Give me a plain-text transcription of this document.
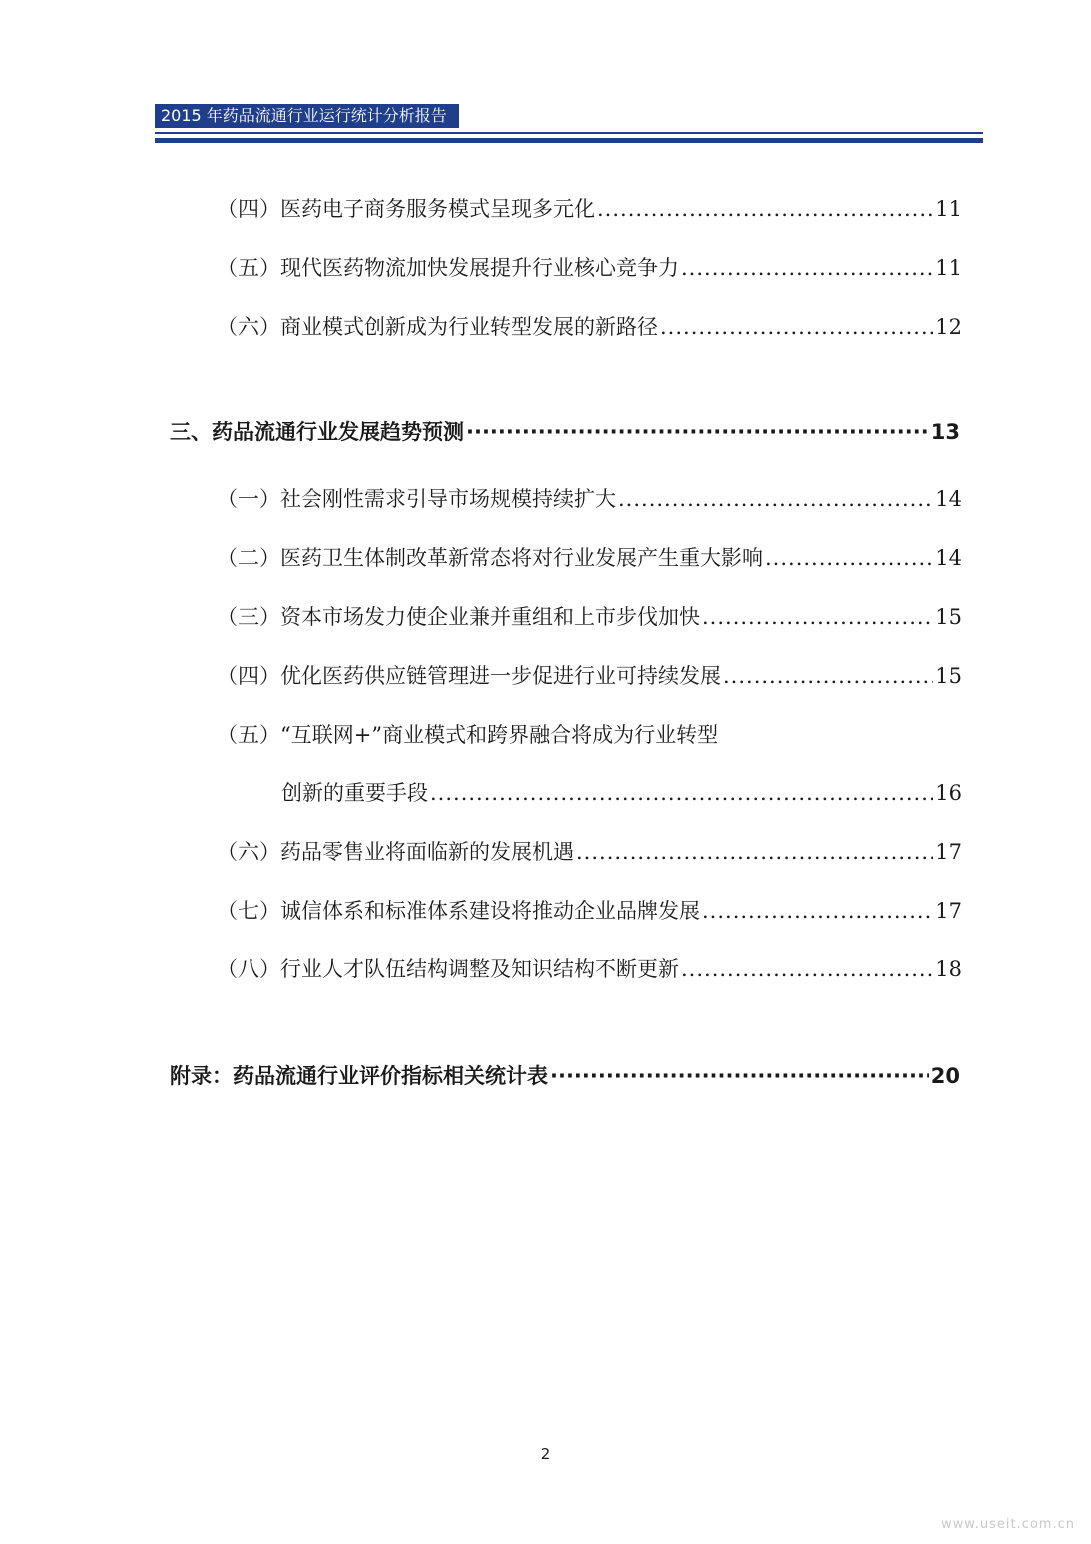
2015 年药品流通行业运行统计分析报告
（四）医药电子商务服务模式呈现多元化 .....	11
（五）现代医药物流加快发展提升行业核心竞争力 .....	11
（六）商业模式创新成为行业转型发展的新路径 .....	12
三、药品流通行业发展趋势预测 ·····	13
（一）社会刚性需求引导市场规模持续扩大 .....	14
（二）医药卫生体制改革新常态将对行业发展产生重大影响 .....	14
（三）资本市场发力使企业兼并重组和上市步伐加快 .....	15
（四）优化医药供应链管理进一步促进行业可持续发展 .....	15
（五）“互联网+”商业模式和跨界融合将成为行业转型
创新的重要手段 .....	16
（六）药品零售业将面临新的发展机遇 .....	17
（七）诚信体系和标准体系建设将推动企业品牌发展 .....	17
（八）行业人才队伍结构调整及知识结构不断更新 .....	18
附录：药品流通行业评价指标相关统计表 ·····	20
2
www.useit.com.cn
